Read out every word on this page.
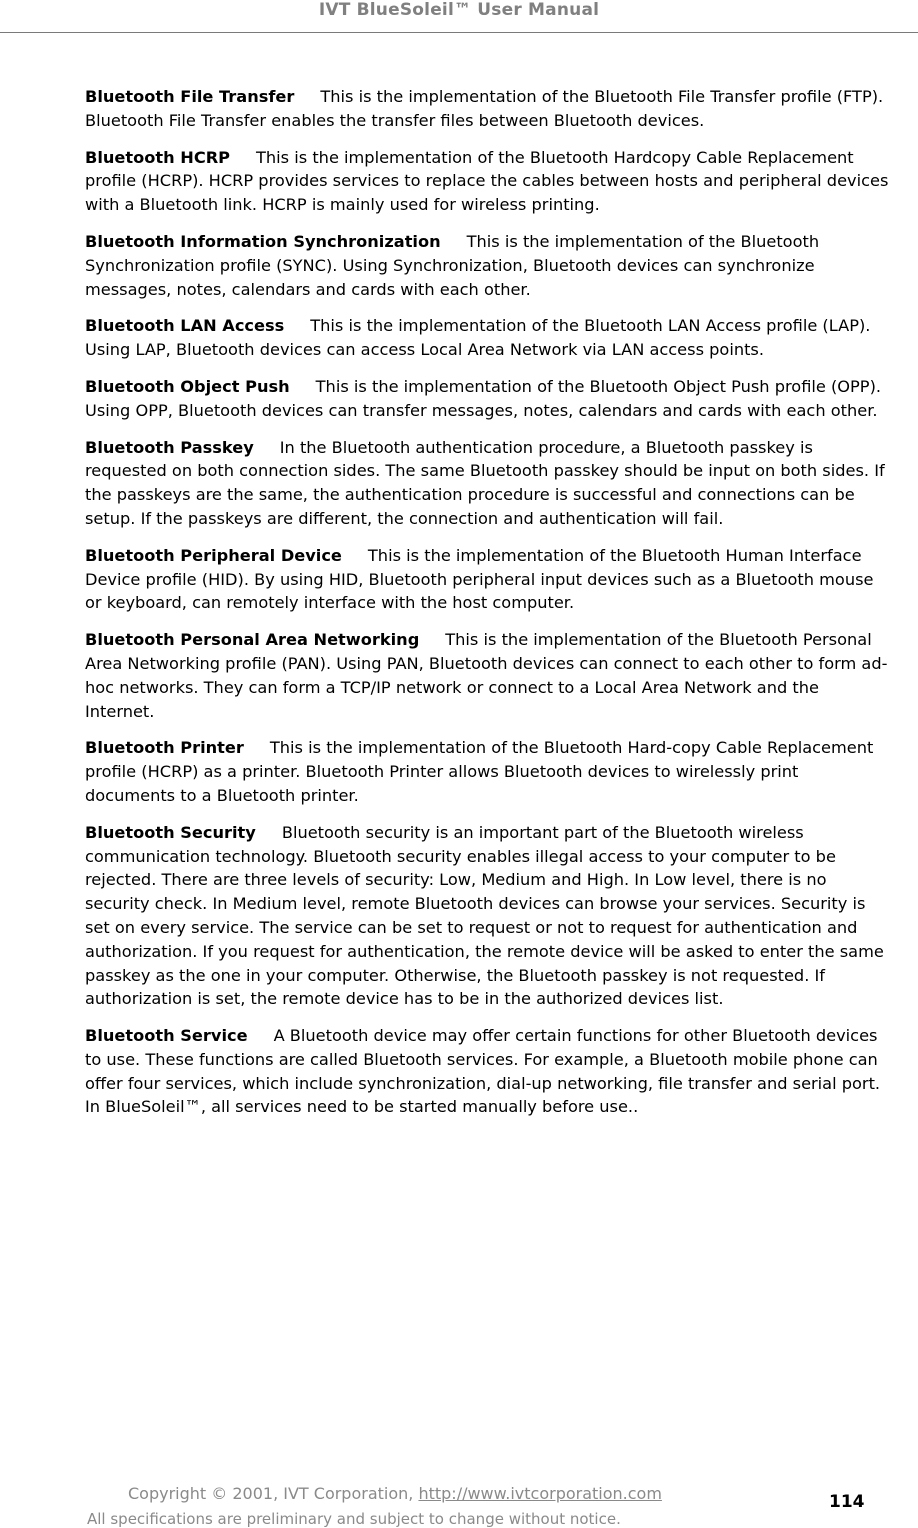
IVT BlueSoleil™ User Manual

Bluetooth File Transfer This is the implementation of the Bluetooth File Transfer profile (FTP). Bluetooth File Transfer enables the transfer files between Bluetooth devices.

Bluetooth HCRP This is the implementation of the Bluetooth Hardcopy Cable Replacement profile (HCRP). HCRP provides services to replace the cables between hosts and peripheral devices with a Bluetooth link. HCRP is mainly used for wireless printing.

Bluetooth Information Synchronization This is the implementation of the Bluetooth Synchronization profile (SYNC). Using Synchronization, Bluetooth devices can synchronize messages, notes, calendars and cards with each other.

Bluetooth LAN Access This is the implementation of the Bluetooth LAN Access profile (LAP). Using LAP, Bluetooth devices can access Local Area Network via LAN access points.

Bluetooth Object Push This is the implementation of the Bluetooth Object Push profile (OPP). Using OPP, Bluetooth devices can transfer messages, notes, calendars and cards with each other.

Bluetooth Passkey In the Bluetooth authentication procedure, a Bluetooth passkey is requested on both connection sides. The same Bluetooth passkey should be input on both sides. If the passkeys are the same, the authentication procedure is successful and connections can be setup. If the passkeys are different, the connection and authentication will fail.

Bluetooth Peripheral Device This is the implementation of the Bluetooth Human Interface Device profile (HID). By using HID, Bluetooth peripheral input devices such as a Bluetooth mouse or keyboard, can remotely interface with the host computer.

Bluetooth Personal Area Networking This is the implementation of the Bluetooth Personal Area Networking profile (PAN). Using PAN, Bluetooth devices can connect to each other to form ad-hoc networks. They can form a TCP/IP network or connect to a Local Area Network and the Internet.

Bluetooth Printer This is the implementation of the Bluetooth Hard-copy Cable Replacement profile (HCRP) as a printer. Bluetooth Printer allows Bluetooth devices to wirelessly print documents to a Bluetooth printer.

Bluetooth Security Bluetooth security is an important part of the Bluetooth wireless communication technology. Bluetooth security enables illegal access to your computer to be rejected. There are three levels of security: Low, Medium and High. In Low level, there is no security check. In Medium level, remote Bluetooth devices can browse your services. Security is set on every service. The service can be set to request or not to request for authentication and authorization. If you request for authentication, the remote device will be asked to enter the same passkey as the one in your computer. Otherwise, the Bluetooth passkey is not requested. If authorization is set, the remote device has to be in the authorized devices list.

Bluetooth Service A Bluetooth device may offer certain functions for other Bluetooth devices to use. These functions are called Bluetooth services. For example, a Bluetooth mobile phone can offer four services, which include synchronization, dial-up networking, file transfer and serial port. In BlueSoleil™, all services need to be started manually before use..

Copyright © 2001, IVT Corporation, http://www.ivtcorporation.com
All specifications are preliminary and subject to change without notice.
114
